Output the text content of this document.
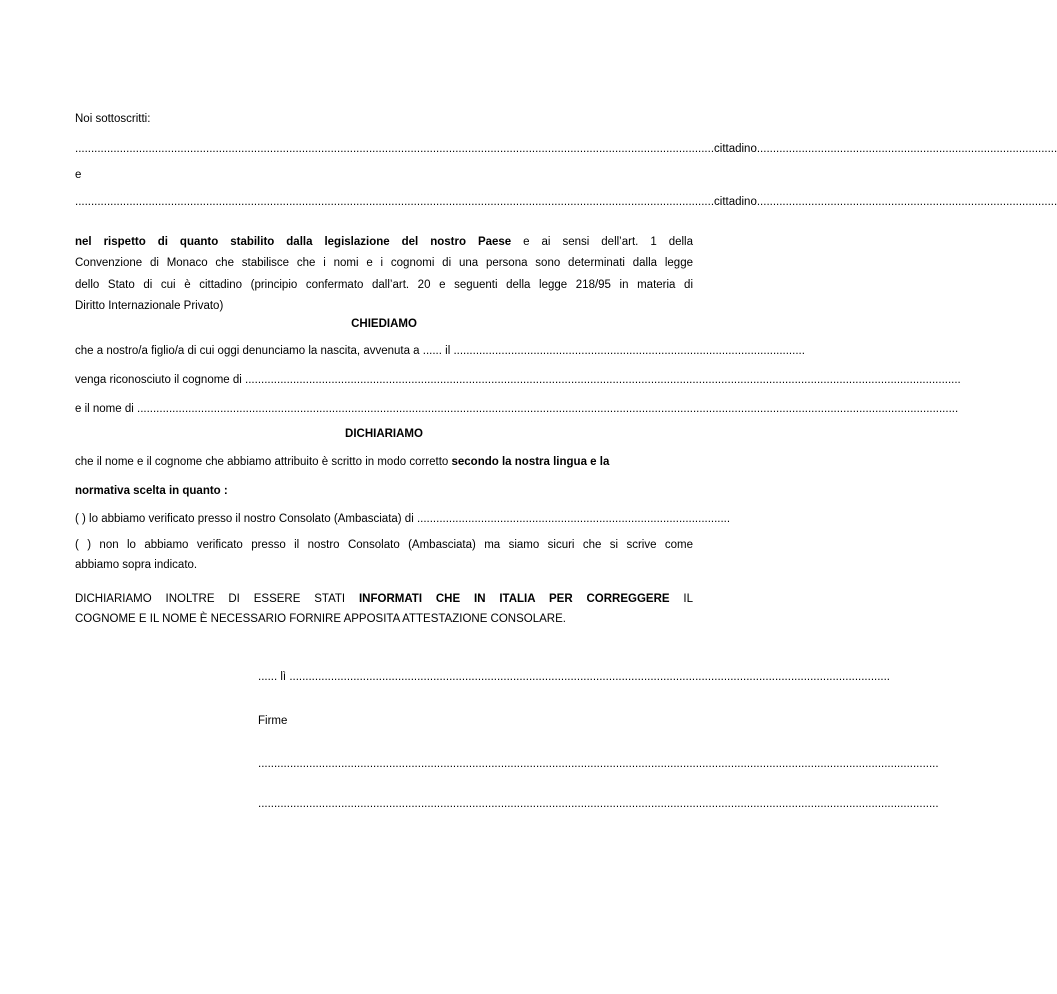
Noi sottoscritti:
........................................................................................................................................................................................................ cittadino ..............................................................................................
e
........................................................................................................................................................................................................ cittadino ..............................................................................................
nel rispetto di quanto stabilito dalla legislazione del nostro Paese e ai sensi dell’art. 1 della
Convenzione di Monaco che stabilisce che i nomi e i cognomi di una persona sono determinati dalla legge
dello Stato di cui è cittadino (principio confermato dall’art. 20 e seguenti della legge 218/95 in materia di
Diritto Internazionale Privato)
CHIEDIAMO
che a nostro/a figlio/a di cui oggi denunciamo la nascita, avvenuta a ...... il ..............................................................................................................
venga riconosciuto il cognome di ................................................................................................................................................................................................................................
e il nome di .................................................................................................................................................................................................................................................................
DICHIARIAMO
che il nome e il cognome che abbiamo attribuito è scritto in modo corretto secondo la nostra lingua e la
normativa scelta in quanto :
( ) lo abbiamo verificato presso il nostro Consolato (Ambasciata) di ..................................................................................................
( ) non lo abbiamo verificato presso il nostro Consolato (Ambasciata) ma siamo sicuri che si scrive come
abbiamo sopra indicato.
DICHIARIAMO INOLTRE DI ESSERE STATI INFORMATI CHE IN ITALIA PER CORREGGERE IL
COGNOME E IL NOME È NECESSARIO FORNIRE APPOSITA ATTESTAZIONE CONSOLARE.
...... lì ............................................................................................................................................................................................
Firme
.....................................................................................................................................................................................................................
.....................................................................................................................................................................................................................
